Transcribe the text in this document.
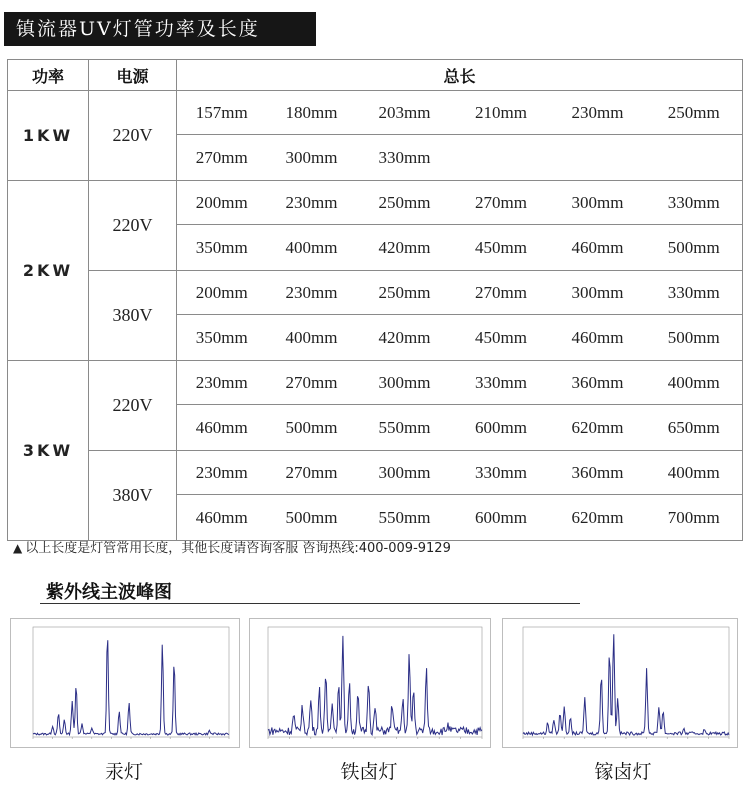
镇流器UV灯管功率及长度
功率	电源	总长					
1KW	220V	157mm	180mm	203mm	210mm	230mm	250mm
		270mm	300mm	330mm			
2KW	220V	200mm	230mm	250mm	270mm	300mm	330mm
		350mm	400mm	420mm	450mm	460mm	500mm
	380V	200mm	230mm	250mm	270mm	300mm	330mm
		350mm	400mm	420mm	450mm	460mm	500mm
3KW	220V	230mm	270mm	300mm	330mm	360mm	400mm
		460mm	500mm	550mm	600mm	620mm	650mm
	380V	230mm	270mm	300mm	330mm	360mm	400mm
		460mm	500mm	550mm	600mm	620mm	700mm
▲ 以上长度是灯管常用长度，其他长度请咨询客服 咨询热线:400-009-9129
紫外线主波峰图
汞灯	铁卤灯	镓卤灯
